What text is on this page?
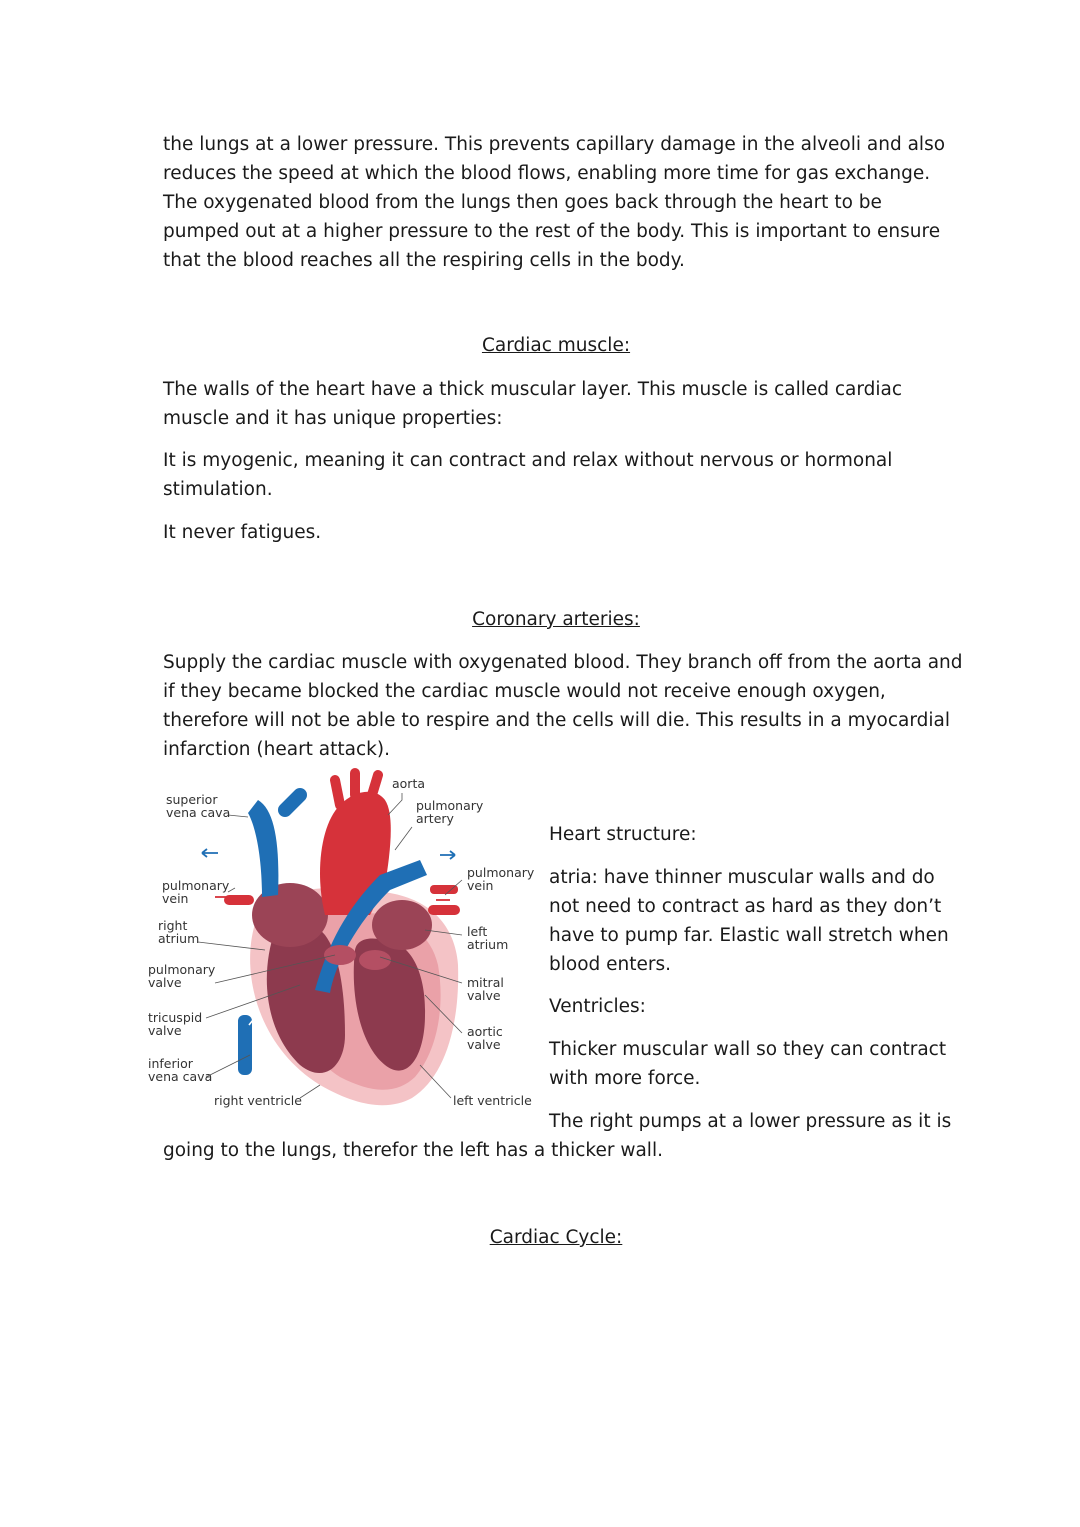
the lungs at a lower pressure. This prevents capillary damage in the alveoli and also reduces the speed at which the blood flows, enabling more time for gas exchange. The oxygenated blood from the lungs then goes back through the heart to be pumped out at a higher pressure to the rest of the body. This is important to ensure that the blood reaches all the respiring cells in the body.

Cardiac muscle:

The walls of the heart have a thick muscular layer. This muscle is called cardiac muscle and it has unique properties:

It is myogenic, meaning it can contract and relax without nervous or hormonal stimulation.

It never fatigues.

Coronary arteries:

Supply the cardiac muscle with oxygenated blood. They branch off from the aorta and if they became blocked the cardiac muscle would not receive enough oxygen, therefore will not be able to respire and the cells will die. This results in a myocardial infarction (heart attack).

superior
vena cava
aorta
pulmonary
artery
pulmonary
vein
pulmonary
vein
right
atrium	left
atrium
pulmonary
valve	mitral
valve
tricuspid
valve	aortic
valve
inferior
vena cava
right ventricle	left ventricle

Heart structure:

atria: have thinner muscular walls and do not need to contract as hard as they don’t have to pump far. Elastic wall stretch when blood enters.

Ventricles:

Thicker muscular wall so they can contract with more force.

The right pumps at a lower pressure as it is

going to the lungs, therefor the left has a thicker wall.

Cardiac Cycle:
